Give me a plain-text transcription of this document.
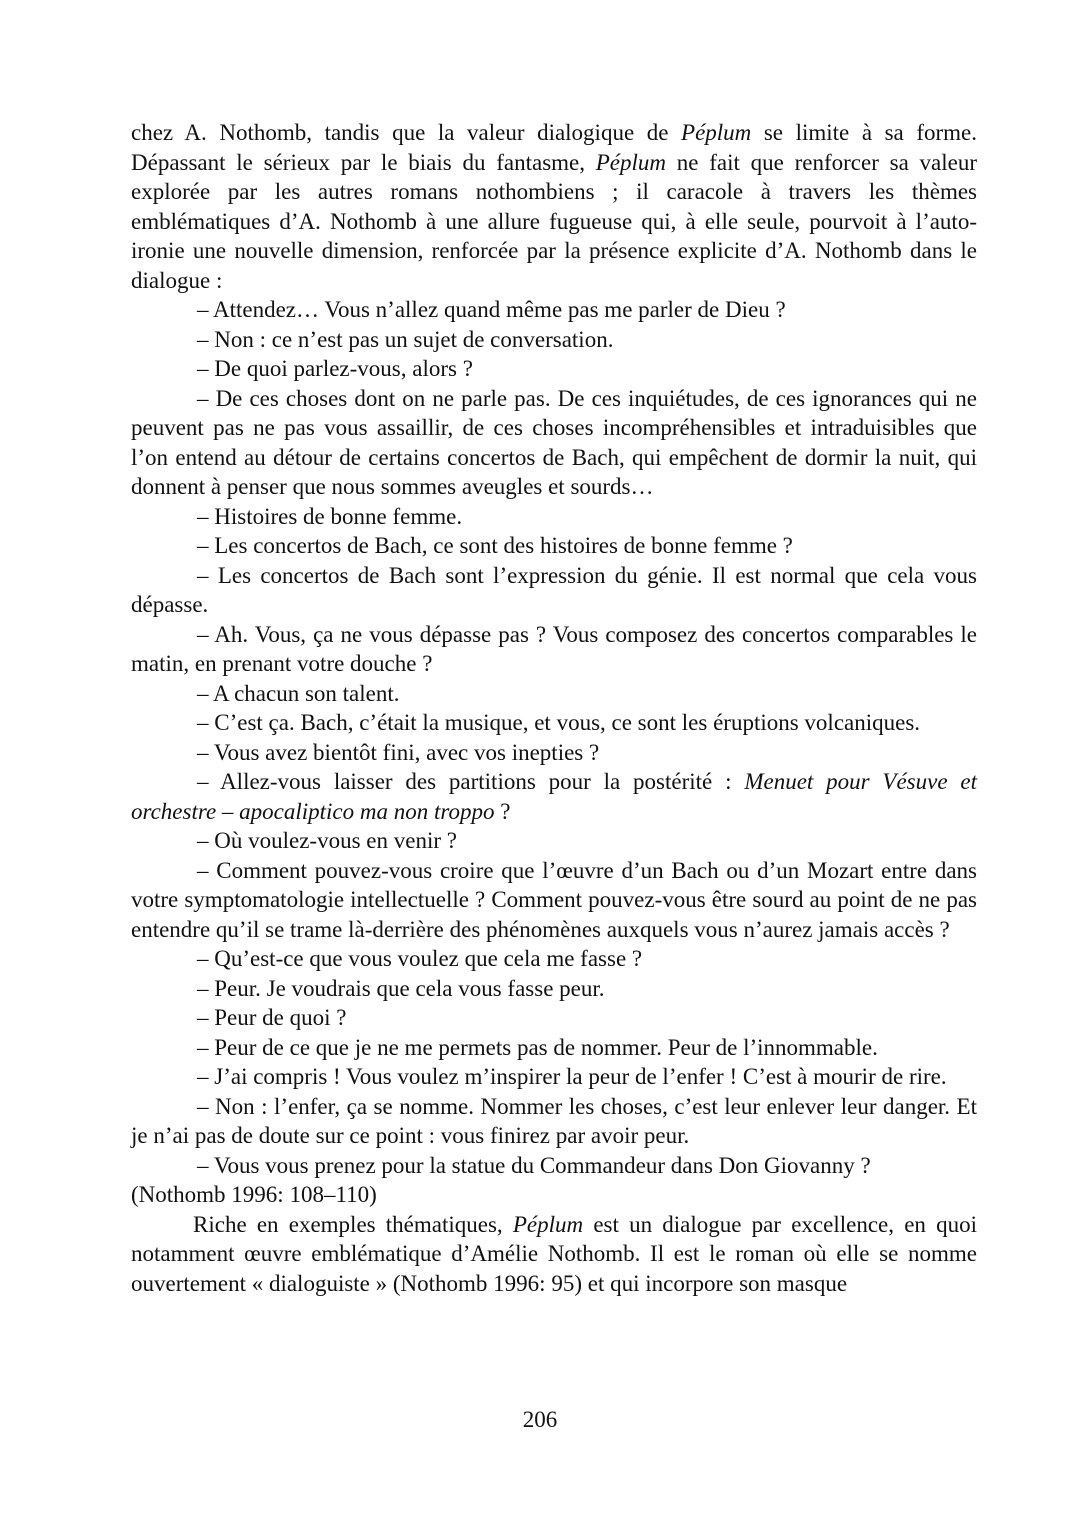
chez A. Nothomb, tandis que la valeur dialogique de Péplum se limite à sa forme. Dépassant le sérieux par le biais du fantasme, Péplum ne fait que renforcer sa valeur explorée par les autres romans nothombiens ; il caracole à travers les thèmes emblématiques d’A. Nothomb à une allure fugueuse qui, à elle seule, pourvoit à l’auto-ironie une nouvelle dimension, renforcée par la présence explicite d’A. Nothomb dans le dialogue :

– Attendez… Vous n’allez quand même pas me parler de Dieu ?

– Non : ce n’est pas un sujet de conversation.

– De quoi parlez-vous, alors ?

– De ces choses dont on ne parle pas. De ces inquiétudes, de ces ignorances qui ne peuvent pas ne pas vous assaillir, de ces choses incompréhensibles et intraduisibles que l’on entend au détour de certains concertos de Bach, qui empêchent de dormir la nuit, qui donnent à penser que nous sommes aveugles et sourds…

– Histoires de bonne femme.

– Les concertos de Bach, ce sont des histoires de bonne femme ?

– Les concertos de Bach sont l’expression du génie. Il est normal que cela vous dépasse.

– Ah. Vous, ça ne vous dépasse pas ? Vous composez des concertos comparables le matin, en prenant votre douche ?

– A chacun son talent.

– C’est ça. Bach, c’était la musique, et vous, ce sont les éruptions volcaniques.

– Vous avez bientôt fini, avec vos inepties ?

– Allez-vous laisser des partitions pour la postérité : Menuet pour Vésuve et orchestre – apocaliptico ma non troppo ?

– Où voulez-vous en venir ?

– Comment pouvez-vous croire que l’œuvre d’un Bach ou d’un Mozart entre dans votre symptomatologie intellectuelle ? Comment pouvez-vous être sourd au point de ne pas entendre qu’il se trame là-derrière des phénomènes auxquels vous n’aurez jamais accès ?

– Qu’est-ce que vous voulez que cela me fasse ?

– Peur. Je voudrais que cela vous fasse peur.

– Peur de quoi ?

– Peur de ce que je ne me permets pas de nommer. Peur de l’innommable.

– J’ai compris ! Vous voulez m’inspirer la peur de l’enfer ! C’est à mourir de rire.

– Non : l’enfer, ça se nomme. Nommer les choses, c’est leur enlever leur danger. Et je n’ai pas de doute sur ce point : vous finirez par avoir peur.

– Vous vous prenez pour la statue du Commandeur dans Don Giovanny ?

(Nothomb 1996: 108–110)

Riche en exemples thématiques, Péplum est un dialogue par excellence, en quoi notamment œuvre emblématique d’Amélie Nothomb. Il est le roman où elle se nomme ouvertement « dialoguiste » (Nothomb 1996: 95) et qui incorpore son masque

206
